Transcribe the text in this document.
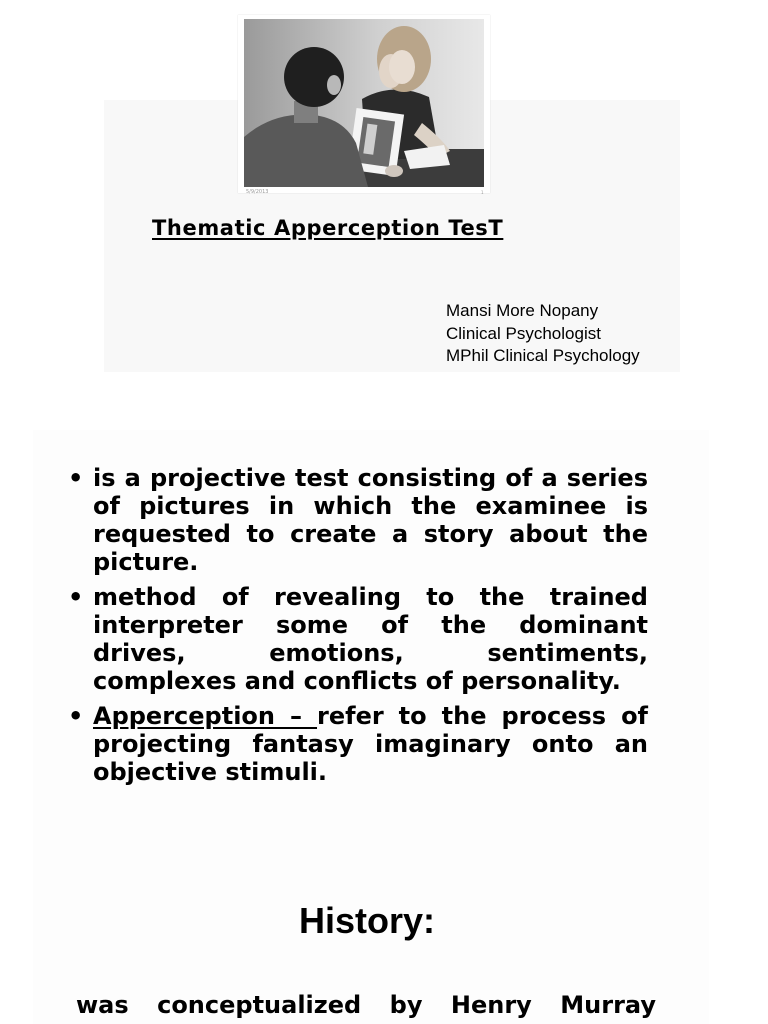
5/9/2013	1
Thematic Apperception TesT
Mansi More Nopany
Clinical Psychologist
MPhil Clinical Psychology
• is a projective test consisting of a series of pictures in which the examinee is requested to create a story about the picture.
• method of revealing to the trained interpreter some of the dominant drives, emotions, sentiments, complexes and conflicts of personality.
• Apperception – refer to the process of projecting fantasy imaginary onto an objective stimuli.
History:
was conceptualized by Henry Murray
